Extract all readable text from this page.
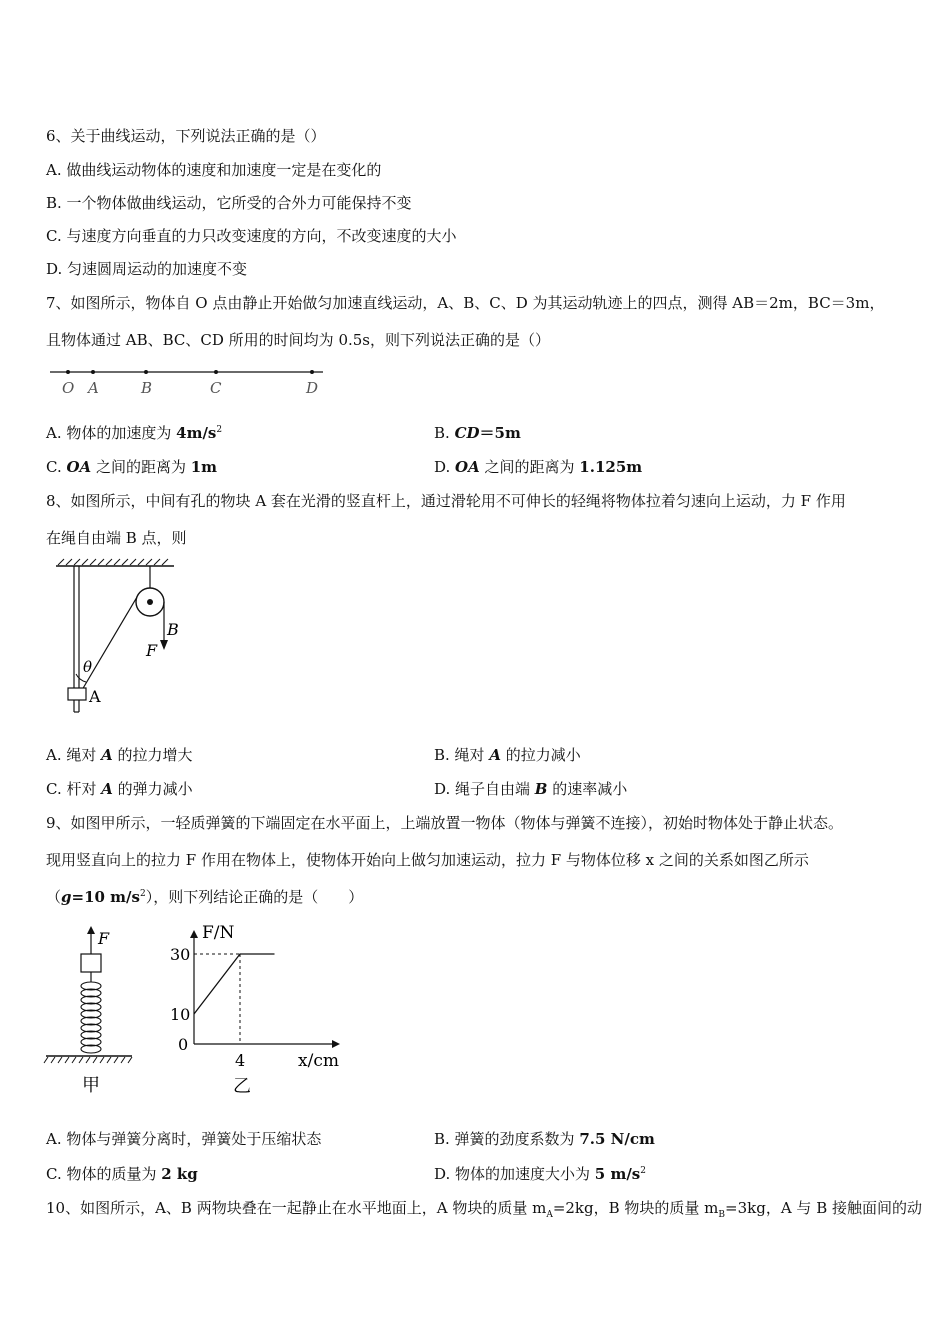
6、关于曲线运动，下列说法正确的是（）
A. 做曲线运动物体的速度和加速度一定是在变化的
B. 一个物体做曲线运动，它所受的合外力可能保持不变
C. 与速度方向垂直的力只改变速度的方向，不改变速度的大小
D. 匀速圆周运动的加速度不变
7、如图所示，物体自 O 点由静止开始做匀加速直线运动，A、B、C、D 为其运动轨迹上的四点，测得 AB＝2m，BC＝3m，
且物体通过 AB、BC、CD 所用的时间均为 0.5s，则下列说法正确的是（）
O A	B	C	D
A. 物体的加速度为 $4m/s^2$	B. CD＝5m
C. OA 之间的距离为 1m	D. OA 之间的距离为 1.125m
8、如图所示，中间有孔的物块 A 套在光滑的竖直杆上，通过滑轮用不可伸长的轻绳将物体拉着匀速向上运动，力 F 作用
在绳自由端 B 点，则
B
F
θ
A
A. 绳对 A 的拉力增大	B. 绳对 A 的拉力减小
C. 杆对 A 的弹力减小	D. 绳子自由端 B 的速率减小
9、如图甲所示，一轻质弹簧的下端固定在水平面上，上端放置一物体（物体与弹簧不连接），初始时物体处于静止状态。
现用竖直向上的拉力 F 作用在物体上，使物体开始向上做匀加速运动，拉力 F 与物体位移 x 之间的关系如图乙所示
（g=10 $m/s^2$），则下列结论正确的是（　　）
F
甲
F/N
x/cm
0
10
30
4
乙
A. 物体与弹簧分离时，弹簧处于压缩状态	B. 弹簧的劲度系数为 7.5 N/cm
C. 物体的质量为 2 kg	D. 物体的加速度大小为 5 $m/s^2$
10、如图所示，A、B 两物块叠在一起静止在水平地面上，A 物块的质量 $m_A=2kg$，B 物块的质量 $m_B=3kg$，A 与 B 接触面间的动
